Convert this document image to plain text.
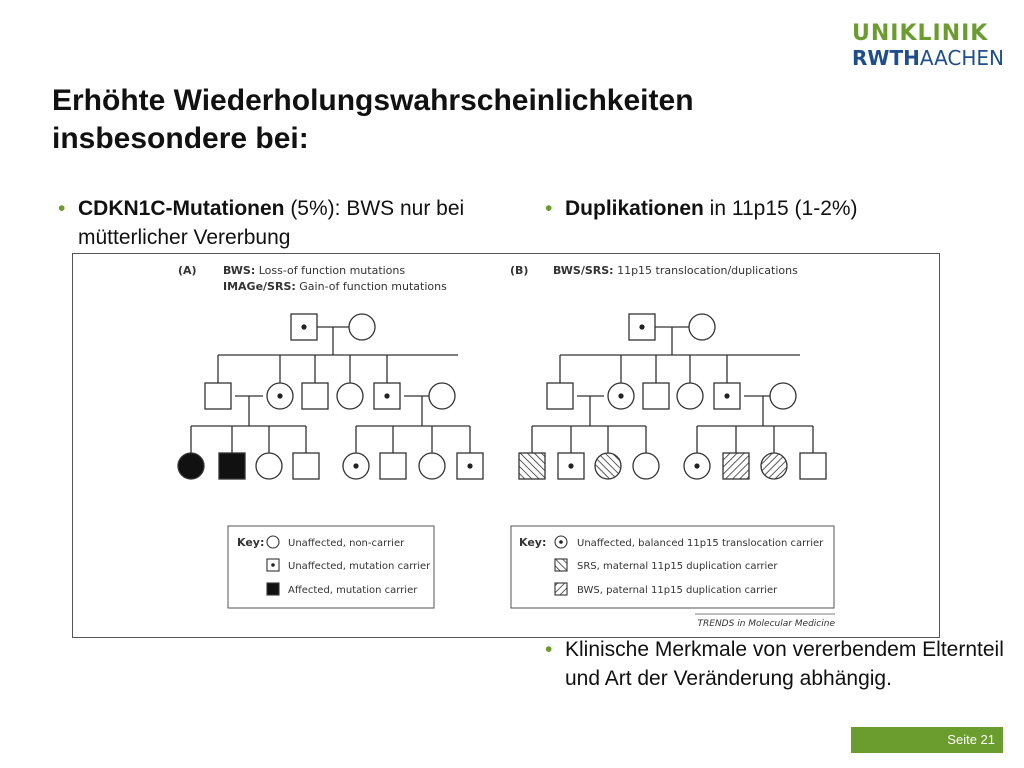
UNIKLINIK
RWTHAACHEN
Erhöhte Wiederholungswahrscheinlichkeiten
insbesondere bei:

• CDKN1C-Mutationen (5%): BWS nur bei mütterlicher Vererbung

• Duplikationen in 11p15 (1-2%)

• Klinische Merkmale von vererbendem Elternteil und Art der Veränderung abhängig.

(A) BWS: Loss-of function mutations
IMAGe/SRS: Gain-of function mutations
(B) BWS/SRS: 11p15 translocation/duplications
Key: Unaffected, non-carrier
Unaffected, mutation carrier
Affected, mutation carrier
Key:	Unaffected, balanced 11p15 translocation carrier
SRS, maternal 11p15 duplication carrier
BWS, paternal 11p15 duplication carrier
TRENDS in Molecular Medicine
Seite 21
